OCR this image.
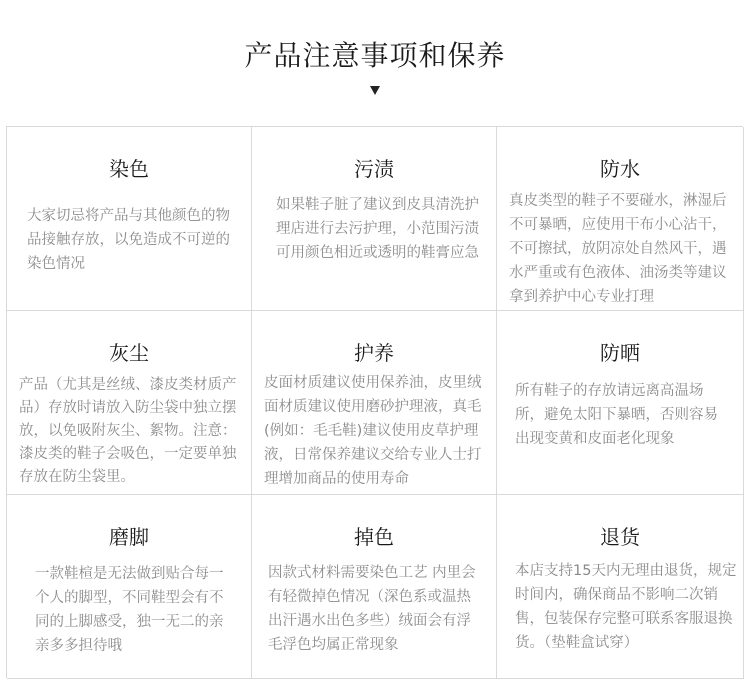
产品注意事项和保养
染色
大家切忌将产品与其他颜色的物品接触存放，以免造成不可逆的染色情况
污渍
如果鞋子脏了建议到皮具清洗护理店进行去污护理，小范围污渍可用颜色相近或透明的鞋膏应急
防水
真皮类型的鞋子不要碰水，淋湿后不可暴晒，应使用干布小心沾干，不可擦拭，放阴凉处自然风干，遇水严重或有色液体、油汤类等建议拿到养护中心专业打理
灰尘
产品（尤其是丝绒、漆皮类材质产品）存放时请放入防尘袋中独立摆放，以免吸附灰尘、絮物。注意：漆皮类的鞋子会吸色，一定要单独存放在防尘袋里。
护养
皮面材质建议使用保养油，皮里绒面材质建议使用磨砂护理液，真毛(例如：毛毛鞋)建议使用皮草护理液，日常保养建议交给专业人士打理增加商品的使用寿命
防晒
所有鞋子的存放请远离高温场所，避免太阳下暴晒，否则容易出现变黄和皮面老化现象
磨脚
一款鞋楦是无法做到贴合每一个人的脚型，不同鞋型会有不同的上脚感受，独一无二的亲亲多多担待哦
掉色
因款式材料需要染色工艺 内里会有轻微掉色情况（深色系或温热出汗遇水出色多些）绒面会有浮毛浮色均属正常现象
退货
本店支持15天内无理由退货，规定时间内，确保商品不影响二次销售，包装保存完整可联系客服退换货。（垫鞋盒试穿）
